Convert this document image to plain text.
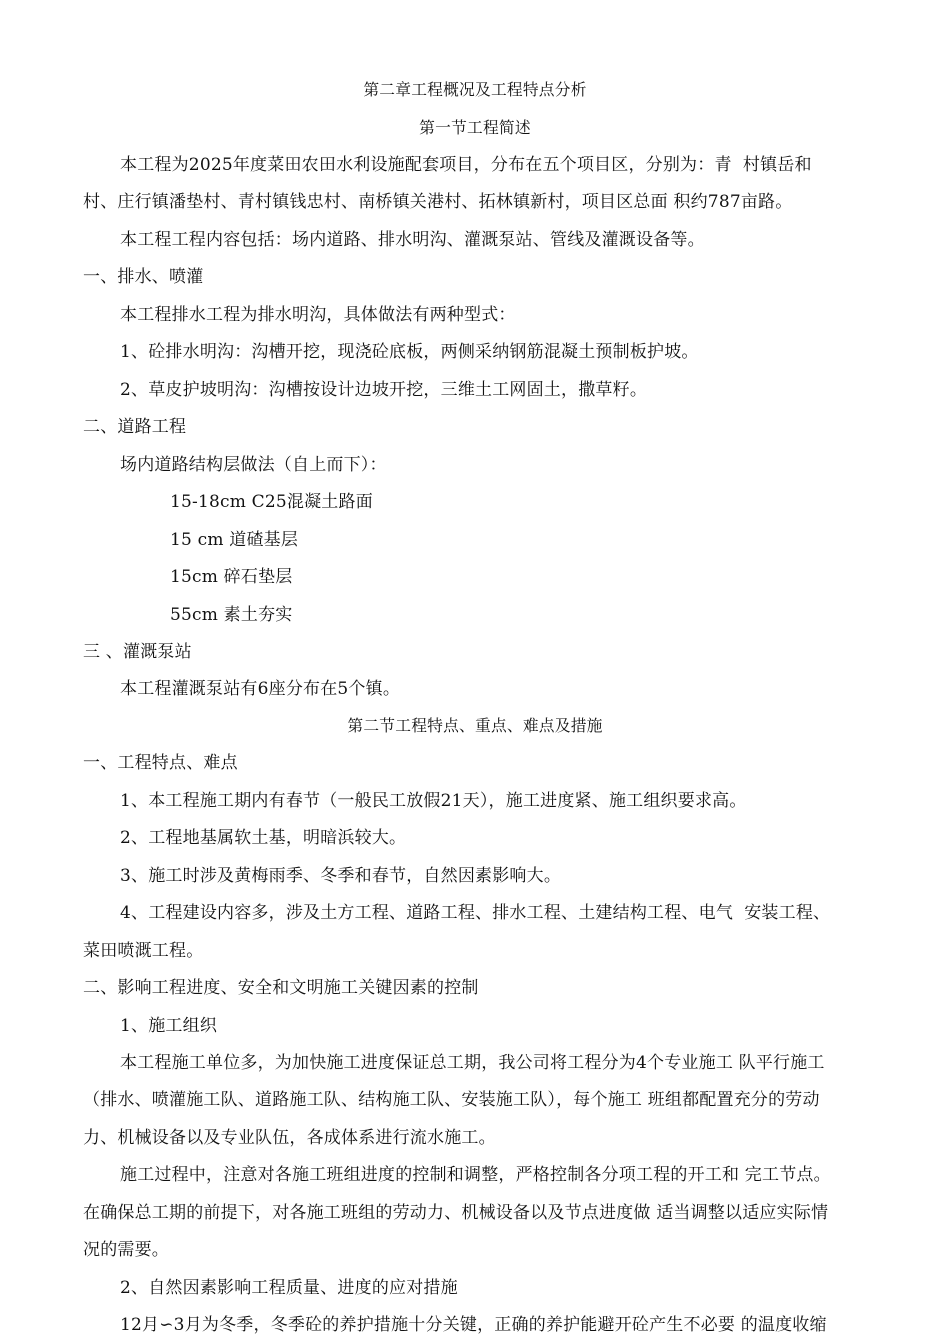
第二章工程概况及工程特点分析
第一节工程简述
本工程为2025年度菜田农田水利设施配套项目，分布在五个项目区，分别为：青  村镇岳和
村、庄行镇潘垫村、青村镇钱忠村、南桥镇关港村、拓林镇新村，项目区总面 积约787亩路。
本工程工程内容包括：场内道路、排水明沟、灌溉泵站、管线及灌溉设备等。
一、排水、喷灌
本工程排水工程为排水明沟，具体做法有两种型式：
1、砼排水明沟：沟槽开挖，现浇砼底板，两侧采纳钢筋混凝土预制板护坡。
2、草皮护坡明沟：沟槽按设计边坡开挖，三维土工网固土，撒草籽。
二、道路工程
场内道路结构层做法（自上而下）：
15-18cm C25混凝土路面
15 cm 道碴基层
15cm 碎石垫层
55cm 素土夯实
三 、灌溉泵站
本工程灌溉泵站有6座分布在5个镇。
第二节工程特点、重点、难点及措施
一、工程特点、难点
1、本工程施工期内有春节（一般民工放假21天），施工进度紧、施工组织要求高。
2、工程地基属软土基，明暗浜较大。
3、施工时涉及黄梅雨季、冬季和春节，自然因素影响大。
4、工程建设内容多，涉及土方工程、道路工程、排水工程、土建结构工程、电气  安装工程、
菜田喷溉工程。
二、影响工程进度、安全和文明施工关键因素的控制
1、施工组织
本工程施工单位多，为加快施工进度保证总工期，我公司将工程分为4个专业施工 队平行施工
（排水、喷灌施工队、道路施工队、结构施工队、安装施工队），每个施工 班组都配置充分的劳动
力、机械设备以及专业队伍，各成体系进行流水施工。
施工过程中，注意对各施工班组进度的控制和调整，严格控制各分项工程的开工和 完工节点。
在确保总工期的前提下，对各施工班组的劳动力、机械设备以及节点进度做 适当调整以适应实际情
况的需要。
2、自然因素影响工程质量、进度的应对措施
12月∽3月为冬季，冬季砼的养护措施十分关键，正确的养护能避开砼产生不必要 的温度收缩
